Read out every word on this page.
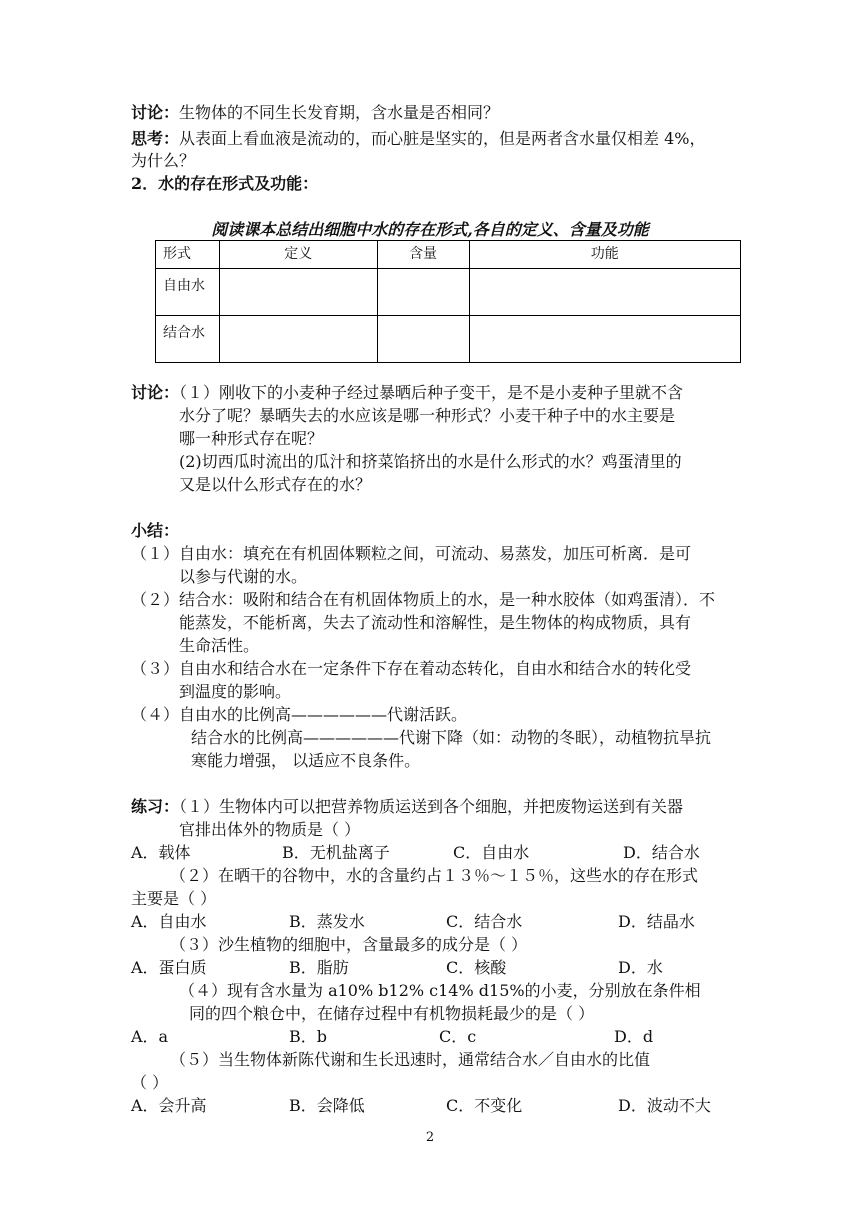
讨论：生物体的不同生长发育期，含水量是否相同？
思考：从表面上看血液是流动的，而心脏是坚实的，但是两者含水量仅相差 4%，
为什么？
2．水的存在形式及功能：
阅读课本总结出细胞中水的存在形式,各自的定义、含量及功能
形式	定义	含量	功能
自由水			
结合水			
讨论：（１）刚收下的小麦种子经过暴晒后种子变干，是不是小麦种子里就不含
水分了呢？暴晒失去的水应该是哪一种形式？小麦干种子中的水主要是
哪一种形式存在呢？
(2)切西瓜时流出的瓜汁和挤菜馅挤出的水是什么形式的水？鸡蛋清里的
又是以什么形式存在的水？
小结：
（１）自由水：填充在有机固体颗粒之间，可流动、易蒸发，加压可析离．是可
以参与代谢的水。
（２）结合水：吸附和结合在有机固体物质上的水，是一种水胶体（如鸡蛋清）．不
能蒸发，不能析离，失去了流动性和溶解性，是生物体的构成物质，具有
生命活性。
（３）自由水和结合水在一定条件下存在着动态转化，自由水和结合水的转化受
到温度的影响。
（４）自由水的比例高——————代谢活跃。
结合水的比例高——————代谢下降（如：动物的冬眠），动植物抗旱抗
寒能力增强， 以适应不良条件。
练习：（１）生物体内可以把营养物质运送到各个细胞，并把废物运送到有关器
官排出体外的物质是（ ）
A．载体	B．无机盐离子	C．自由水	D．结合水
（２）在晒干的谷物中，水的含量约占１３％～１５％，这些水的存在形式
主要是（ ）
A．自由水	B．蒸发水	C．结合水	D．结晶水
（３）沙生植物的细胞中，含量最多的成分是（ ）
A．蛋白质	B．脂肪	C．核酸	D．水
（４）现有含水量为 a10% b12% c14% d15%的小麦，分别放在条件相
同的四个粮仓中，在储存过程中有机物损耗最少的是（ ）
A．a	B．b	C．c	D．d
（５）当生物体新陈代谢和生长迅速时，通常结合水／自由水的比值
（ ）
A．会升高	B．会降低	C．不变化	D．波动不大
2
